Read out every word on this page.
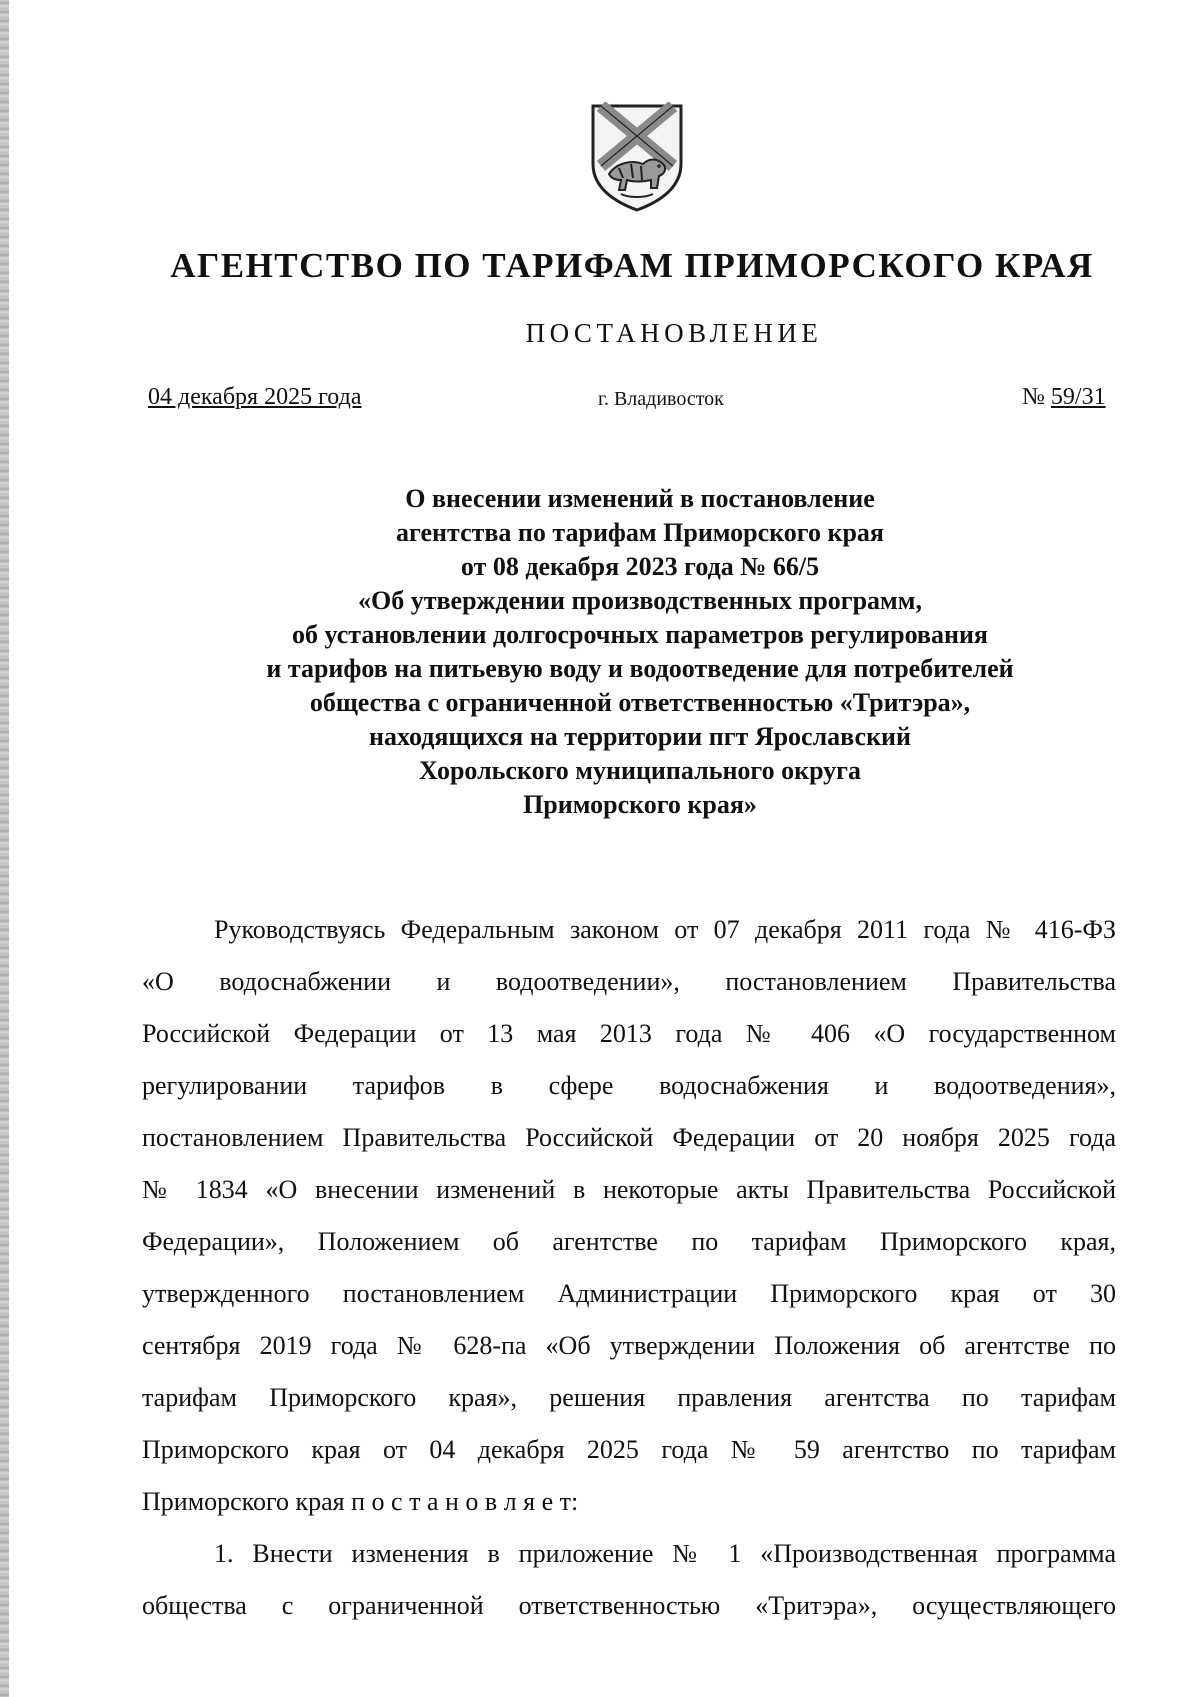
АГЕНТСТВО ПО ТАРИФАМ ПРИМОРСКОГО КРАЯ
ПОСТАНОВЛЕНИЕ
04 декабря 2025 года	г. Владивосток	№ 59/31
О внесении изменений в постановление
агентства по тарифам Приморского края
от 08 декабря 2023 года № 66/5
«Об утверждении производственных программ,
об установлении долгосрочных параметров регулирования
и тарифов на питьевую воду и водоотведение для потребителей
общества с ограниченной ответственностью «Тритэра»,
находящихся на территории пгт Ярославский
Хорольского муниципального округа
Приморского края»
Руководствуясь Федеральным законом от 07 декабря 2011 года № 416-ФЗ
«О водоснабжении и водоотведении», постановлением Правительства
Российской Федерации от 13 мая 2013 года № 406 «О государственном
регулировании тарифов в сфере водоснабжения и водоотведения»,
постановлением Правительства Российской Федерации от 20 ноября 2025 года
№ 1834 «О внесении изменений в некоторые акты Правительства Российской
Федерации», Положением об агентстве по тарифам Приморского края,
утвержденного постановлением Администрации Приморского края от 30
сентября 2019 года № 628-па «Об утверждении Положения об агентстве по
тарифам Приморского края», решения правления агентства по тарифам
Приморского края от 04 декабря 2025 года № 59 агентство по тарифам
Приморского края п о с т а н о в л я е т:
1. Внести изменения в приложение № 1 «Производственная программа
общества с ограниченной ответственностью «Тритэра», осуществляющего
